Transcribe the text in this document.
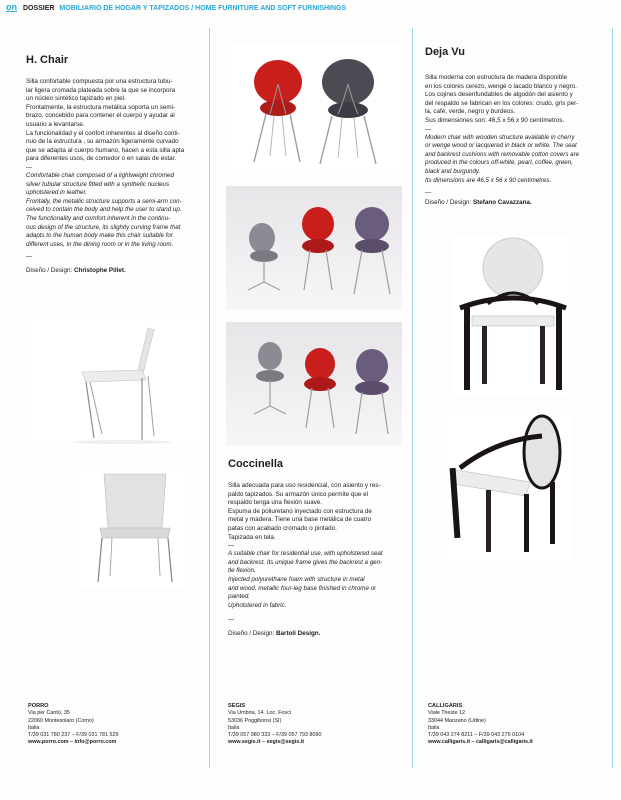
on DOSSIER MOBILIARIO DE HOGAR Y TAPIZADOS / HOME FURNITURE AND SOFT FURNISHINGS
H. Chair
Silla confortable compuesta por una estructura tubu-
lar ligera cromada plateada sobre la que se incorpora
un núcleo sintético tapizado en piel.
Frontalmente, la estructura metálica soporta un semi-
brazo, concebido para contener el cuerpo y ayudar al
usuario a levantarse.
La funcionalidad y el confort inherentes al diseño conti-
nuo de la estructura , su armazón ligeramente curvado
que se adapta al cuerpo humano, hacen a esta silla apta
para diferentes usos, de comedor o en salas de estar.
—
Comfortable chair composed of a lightweight chromed
silver tubular structure fitted with a synthetic nucleus
upholstered in leather.
Frontally, the metallic structure supports a semi-arm con-
ceived to contain the body and help the user to stand up.
The functionality and comfort inherent in the continu-
ous design of the structure, its slightly curving frame that
adapts to the human body make this chair suitable for
different uses, in the dining room or in the living room.
—
Diseño / Design: Christophe Pillet.
Coccinella
Silla adecuada para uso residencial, con asiento y res-
paldo tapizados. Su armazón único permite que el
respaldo tenga una flexión suave.
Espuma de poliuretano inyectado con estructura de
metal y madera. Tiene una base metálica de cuatro
patas con acabado cromado o pintado.
Tapizada en tela.
—
A suitable chair for residential use, with upholstered seat
and backrest. Its unique frame gives the backrest a gen-
tle flexion.
Injected polyurethane foam with structure in metal
and wood, metallic four-leg base finished in chrome or
painted.
Upholstered in fabric.
—
Diseño / Design: Bartoli Design.
Deja Vu
Silla moderna con estructura de madera disponible
en los colores cerezo, wengé o lacado blanco y negro.
Los cojines desenfundables de algodón del asiento y
del respaldo se fabrican en los colores: crudo, gris per-
la, café, verde, negro y burdeos.
Sus dimensiones son: 46,5 x 56 x 90 centímetros.
—
Modern chair with wooden structure available in cherry
or wenge wood or lacquered in black or white. The seat
and backrest cushions with removable cotton covers are
produced in the colours off-white, pearl, coffee, green,
black and burgundy.
Its dimensions are 46,5 x 56 x 90 centimetres.
—
Diseño / Design: Stefano Cavazzana.
PORRO
Via per Cantù, 35
22060 Montesolaro (Como)
Italia
T/39 031 780 237 – F/39 031 781 529
www.porro.com – info@porro.com
SEGIS
Via Umbria, 14. Loc. Fosci
53036 Poggibonsi (SI)
Italia
T/39 057 980 333 – F/39 057 793 8090
www.segis.it – segis@segis.it
CALLIGARIS
Viale Trieste 12
33044 Manzano (Udine)
Italia
T/39 043 274 8211 – F/39 043 275 0104
www.calligaris.it – calligaris@calligaris.it
